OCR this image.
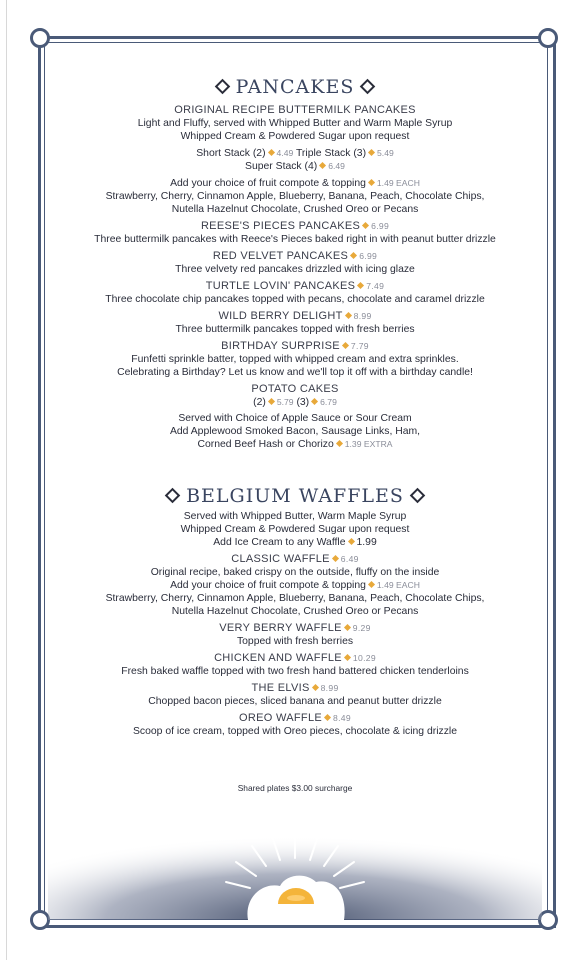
PANCAKES
ORIGINAL RECIPE BUTTERMILK PANCAKES

Light and Fluffy, served with Whipped Butter and Warm Maple Syrup

Whipped Cream & Powdered Sugar upon request

Short Stack (2) 4.49 Triple Stack (3) 5.49

Super Stack (4) 6.49

Add your choice of fruit compote & topping 1.49 EACH

Strawberry, Cherry, Cinnamon Apple, Blueberry, Banana, Peach, Chocolate Chips,

Nutella Hazelnut Chocolate, Crushed Oreo or Pecans

REESE'S PIECES PANCAKES 6.99

Three buttermilk pancakes with Reece's Pieces baked right in with peanut butter drizzle

RED VELVET PANCAKES 6.99

Three velvety red pancakes drizzled with icing glaze

TURTLE LOVIN' PANCAKES 7.49

Three chocolate chip pancakes topped with pecans, chocolate and caramel drizzle

WILD BERRY DELIGHT 8.99

Three buttermilk pancakes topped with fresh berries

BIRTHDAY SURPRISE 7.79

Funfetti sprinkle batter, topped with whipped cream and extra sprinkles.

Celebrating a Birthday? Let us know and we'll top it off with a birthday candle!

POTATO CAKES

(2) 5.79 (3) 6.79

Served with Choice of Apple Sauce or Sour Cream

Add Applewood Smoked Bacon, Sausage Links, Ham,

Corned Beef Hash or Chorizo 1.39 EXTRA

BELGIUM WAFFLES

Served with Whipped Butter, Warm Maple Syrup

Whipped Cream & Powdered Sugar upon request

Add Ice Cream to any Waffle 1.99

CLASSIC WAFFLE 6.49

Original recipe, baked crispy on the outside, fluffy on the inside

Add your choice of fruit compote & topping 1.49 EACH

Strawberry, Cherry, Cinnamon Apple, Blueberry, Banana, Peach, Chocolate Chips,

Nutella Hazelnut Chocolate, Crushed Oreo or Pecans

VERY BERRY WAFFLE 9.29

Topped with fresh berries

CHICKEN AND WAFFLE 10.29

Fresh baked waffle topped with two fresh hand battered chicken tenderloins

THE ELVIS 8.99

Chopped bacon pieces, sliced banana and peanut butter drizzle

OREO WAFFLE 8.49

Scoop of ice cream, topped with Oreo pieces, chocolate & icing drizzle

Shared plates $3.00 surcharge
